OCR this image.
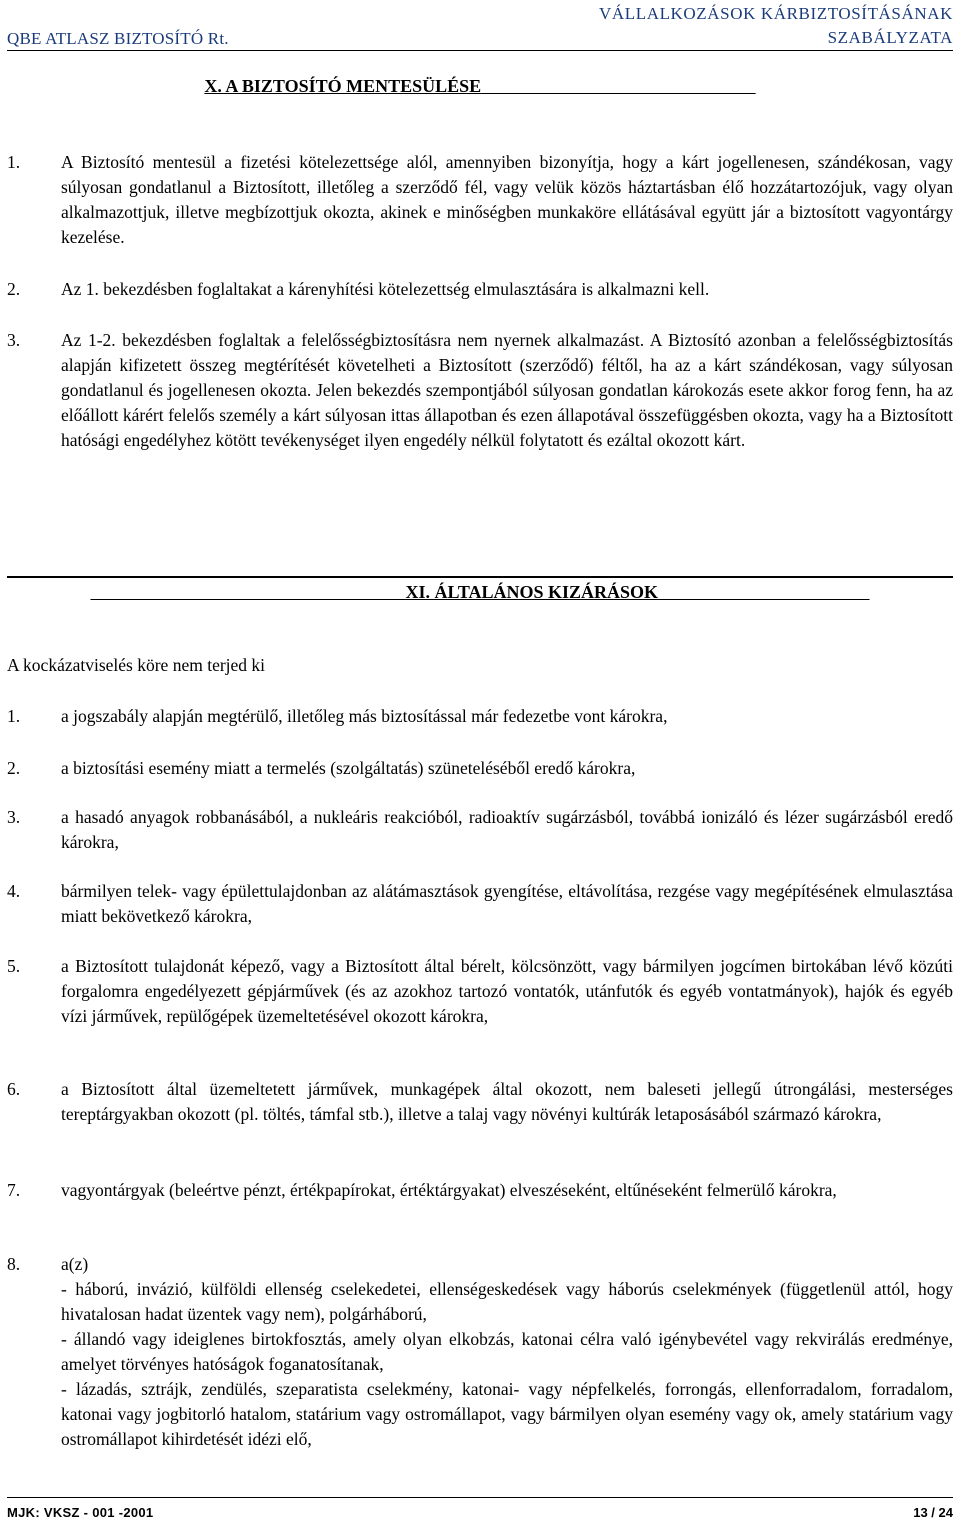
QBE ATLASZ BIZTOSÍTÓ Rt.
VÁLLALKOZÁSOK KÁRBIZTOSÍTÁSÁNAK
SZABÁLYZATA
X. A BIZTOSÍTÓ MENTESÜLÉSE
1.	A Biztosító mentesül a fizetési kötelezettsége alól, amennyiben bizonyítja, hogy a kárt jogellenesen, szándékosan, vagy súlyosan gondatlanul a Biztosított, illetőleg a szerződő fél, vagy velük közös háztartásban élő hozzátartozójuk, vagy olyan alkalmazottjuk, illetve megbízottjuk okozta, akinek e minőségben munkaköre ellátásával együtt jár a biztosított vagyontárgy kezelése.
2.	Az 1. bekezdésben foglaltakat a kárenyhítési kötelezettség elmulasztására is alkalmazni kell.
3.	Az 1-2. bekezdésben foglaltak a felelősségbiztosításra nem nyernek alkalmazást. A Biztosító azonban a felelősségbiztosítás alapján kifizetett összeg megtérítését követelheti a Biztosított (szerződő) féltől, ha az a kárt szándékosan, vagy súlyosan gondatlanul és jogellenesen okozta. Jelen bekezdés szempontjából súlyosan gondatlan károkozás esete akkor forog fenn, ha az előállott kárért felelős személy a kárt súlyosan ittas állapotban és ezen állapotával összefüggésben okozta, vagy ha a Biztosított hatósági engedélyhez kötött tevékenységet ilyen engedély nélkül folytatott és ezáltal okozott kárt.
XI. ÁLTALÁNOS KIZÁRÁSOK

A kockázatviselés köre nem terjed ki

1.	a jogszabály alapján megtérülő, illetőleg más biztosítással már fedezetbe vont károkra,
2.	a biztosítási esemény miatt a termelés (szolgáltatás) szüneteléséből eredő károkra,
3.	a hasadó anyagok robbanásából, a nukleáris reakcióból, radioaktív sugárzásból, továbbá ionizáló és lézer sugárzásból eredő károkra,
4.	bármilyen telek- vagy épülettulajdonban az alátámasztások gyengítése, eltávolítása, rezgése vagy megépítésének elmulasztása miatt bekövetkező károkra,
5.	a Biztosított tulajdonát képező, vagy a Biztosított által bérelt, kölcsönzött, vagy bármilyen jogcímen birtokában lévő közúti forgalomra engedélyezett gépjárművek (és az azokhoz tartozó vontatók, utánfutók és egyéb vontatmányok), hajók és egyéb vízi járművek, repülőgépek üzemeltetésével okozott károkra,
6.	a Biztosított által üzemeltetett járművek, munkagépek által okozott, nem baleseti jellegű útrongálási, mesterséges tereptárgyakban okozott (pl. töltés, támfal stb.), illetve a talaj vagy növényi kultúrák letaposásából származó károkra,
7.	vagyontárgyak (beleértve pénzt, értékpapírokat, értéktárgyakat) elveszéseként, eltűnéseként felmerülő károkra,
8.	a(z)
- háború, invázió, külföldi ellenség cselekedetei, ellenségeskedések vagy háborús cselekmények (függetlenül attól, hogy hivatalosan hadat üzentek vagy nem), polgárháború,
- állandó vagy ideiglenes birtokfosztás, amely olyan elkobzás, katonai célra való igénybevétel vagy rekvirálás eredménye, amelyet törvényes hatóságok foganatosítanak,
- lázadás, sztrájk, zendülés, szeparatista cselekmény, katonai- vagy népfelkelés, forrongás, ellenforradalom, forradalom, katonai vagy jogbitorló hatalom, statárium vagy ostromállapot, vagy bármilyen olyan esemény vagy ok, amely statárium vagy ostromállapot kihirdetését idézi elő,
MJK: VKSZ - 001 -2001	13 / 24
